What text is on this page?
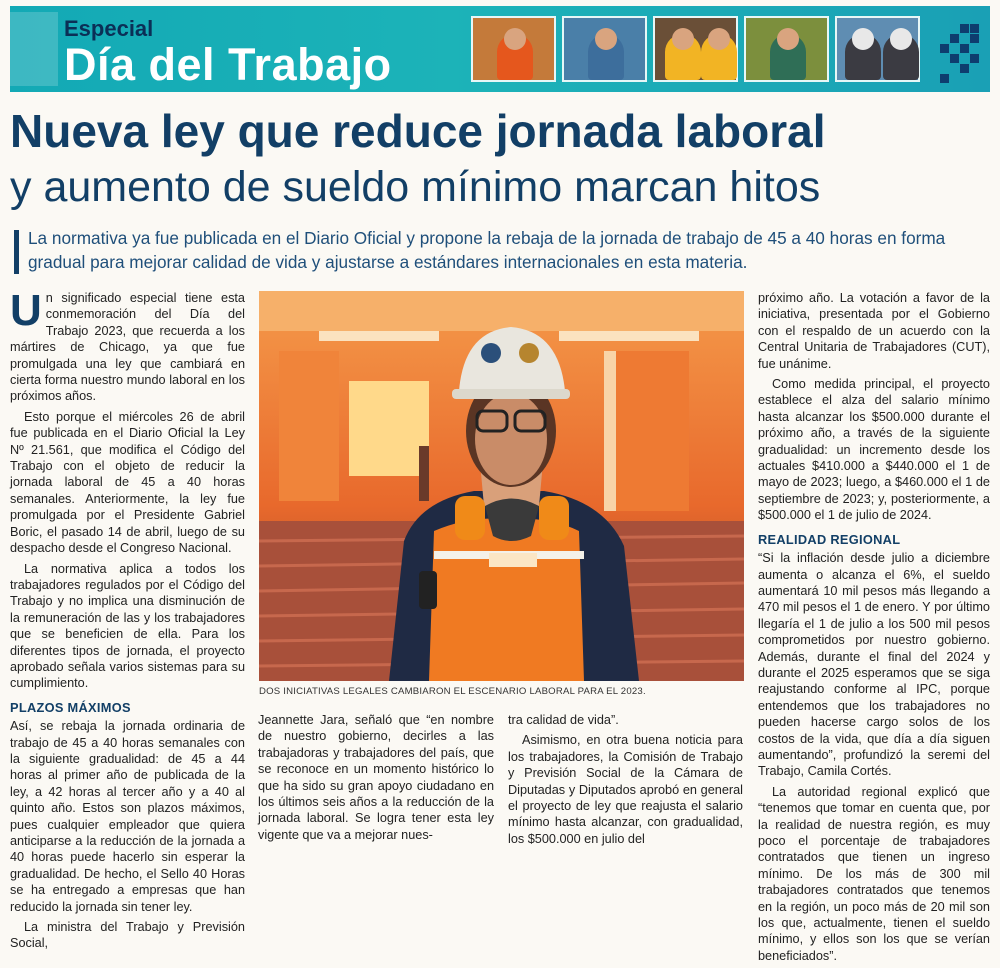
Especial
Día del Trabajo
Nueva ley que reduce jornada laboral
y aumento de sueldo mínimo marcan hitos
La normativa ya fue publicada en el Diario Oficial y propone la rebaja de la jornada de trabajo de 45 a 40 horas en forma gradual para mejorar calidad de vida y ajustarse a estándares internacionales en esta materia.

Un significado especial tiene esta conmemoración del Día del Trabajo 2023, que recuerda a los mártires de Chicago, ya que fue promulgada una ley que cambiará en cierta forma nuestro mundo laboral en los próximos años.

Esto porque el miércoles 26 de abril fue publicada en el Diario Oficial la Ley Nº 21.561, que modifica el Código del Trabajo con el objeto de reducir la jornada laboral de 45 a 40 horas semanales. Anteriormente, la ley fue promulgada por el Presidente Gabriel Boric, el pasado 14 de abril, luego de su despacho desde el Congreso Nacional.

La normativa aplica a todos los trabajadores regulados por el Código del Trabajo y no implica una disminución de la remuneración de las y los trabajadores que se beneficien de ella. Para los diferentes tipos de jornada, el proyecto aprobado señala varios sistemas para su cumplimiento.

PLAZOS MÁXIMOS

Así, se rebaja la jornada ordinaria de trabajo de 45 a 40 horas semanales con la siguiente gradualidad: de 45 a 44 horas al primer año de publicada de la ley, a 42 horas al tercer año y a 40 al quinto año. Estos son plazos máximos, pues cualquier empleador que quiera anticiparse a la reducción de la jornada a 40 horas puede hacerlo sin esperar la gradualidad. De hecho, el Sello 40 Horas se ha entregado a empresas que han reducido la jornada sin tener ley.

La ministra del Trabajo y Previsión Social,

DOS INICIATIVAS LEGALES CAMBIARON EL ESCENARIO LABORAL PARA EL 2023.

Jeannette Jara, señaló que “en nombre de nuestro gobierno, decirles a las trabajadoras y trabajadores del país, que se reconoce en un momento histórico lo que ha sido su gran apoyo ciudadano en los últimos seis años a la reducción de la jornada laboral. Se logra tener esta ley vigente que va a mejorar nues-

tra calidad de vida”.

Asimismo, en otra buena noticia para los trabajadores, la Comisión de Trabajo y Previsión Social de la Cámara de Diputadas y Diputados aprobó en general el proyecto de ley que reajusta el salario mínimo hasta alcanzar, con gradualidad, los $500.000 en julio del

próximo año. La votación a favor de la iniciativa, presentada por el Gobierno con el respaldo de un acuerdo con la Central Unitaria de Trabajadores (CUT), fue unánime.

Como medida principal, el proyecto establece el alza del salario mínimo hasta alcanzar los $500.000 durante el próximo año, a través de la siguiente gradualidad: un incremento desde los actuales $410.000 a $440.000 el 1 de mayo de 2023; luego, a $460.000 el 1 de septiembre de 2023; y, posteriormente, a $500.000 el 1 de julio de 2024.

REALIDAD REGIONAL

“Si la inflación desde julio a diciembre aumenta o alcanza el 6%, el sueldo aumentará 10 mil pesos más llegando a 470 mil pesos el 1 de enero. Y por último llegaría el 1 de julio a los 500 mil pesos comprometidos por nuestro gobierno. Además, durante el final del 2024 y durante el 2025 esperamos que se siga reajustando conforme al IPC, porque entendemos que los trabajadores no pueden hacerse cargo solos de los costos de la vida, que día a día siguen aumentando”, profundizó la seremi del Trabajo, Camila Cortés.

La autoridad regional explicó que “tenemos que tomar en cuenta que, por la realidad de nuestra región, es muy poco el porcentaje de trabajadores contratados que tienen un ingreso mínimo. De los más de 300 mil trabajadores contratados que tenemos en la región, un poco más de 20 mil son los que, actualmente, tienen el sueldo mínimo, y ellos son los que se verían beneficiados”.
